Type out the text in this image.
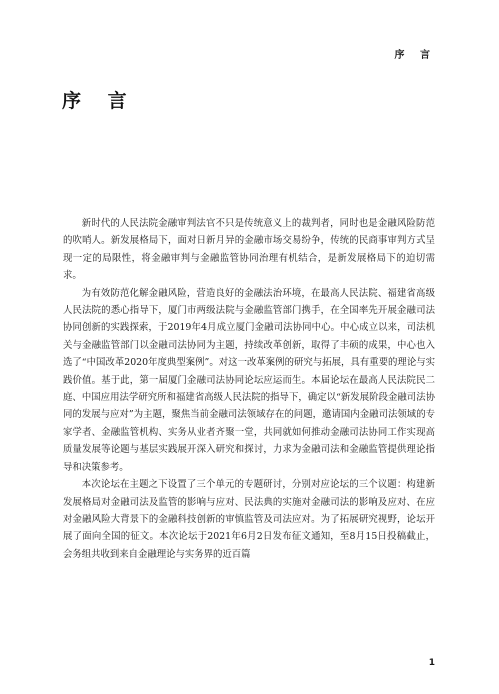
序 言
序 言

新时代的人民法院金融审判法官不只是传统意义上的裁判者，同时也是金融风险防范的吹哨人。新发展格局下，面对日新月异的金融市场交易纷争，传统的民商事审判方式呈现一定的局限性，将金融审判与金融监管协同治理有机结合，是新发展格局下的迫切需求。

为有效防范化解金融风险，营造良好的金融法治环境，在最高人民法院、福建省高级人民法院的悉心指导下，厦门市两级法院与金融监管部门携手，在全国率先开展金融司法协同创新的实践探索，于2019年4月成立厦门金融司法协同中心。中心成立以来，司法机关与金融监管部门以金融司法协同为主题，持续改革创新，取得了丰硕的成果，中心也入选了“中国改革2020年度典型案例”。对这一改革案例的研究与拓展，具有重要的理论与实践价值。基于此，第一届厦门金融司法协同论坛应运而生。本届论坛在最高人民法院民二庭、中国应用法学研究所和福建省高级人民法院的指导下，确定以“新发展阶段金融司法协同的发展与应对”为主题，聚焦当前金融司法领域存在的问题，邀请国内金融司法领域的专家学者、金融监管机构、实务从业者齐聚一堂，共同就如何推动金融司法协同工作实现高质量发展等论题与基层实践展开深入研究和探讨，力求为金融司法和金融监管提供理论指导和决策参考。

本次论坛在主题之下设置了三个单元的专题研讨，分别对应论坛的三个议题：构建新发展格局对金融司法及监管的影响与应对、民法典的实施对金融司法的影响及应对、在应对金融风险大背景下的金融科技创新的审慎监管及司法应对。为了拓展研究视野，论坛开展了面向全国的征文。本次论坛于2021年6月2日发布征文通知，至8月15日投稿截止，会务组共收到来自金融理论与实务界的近百篇

1
